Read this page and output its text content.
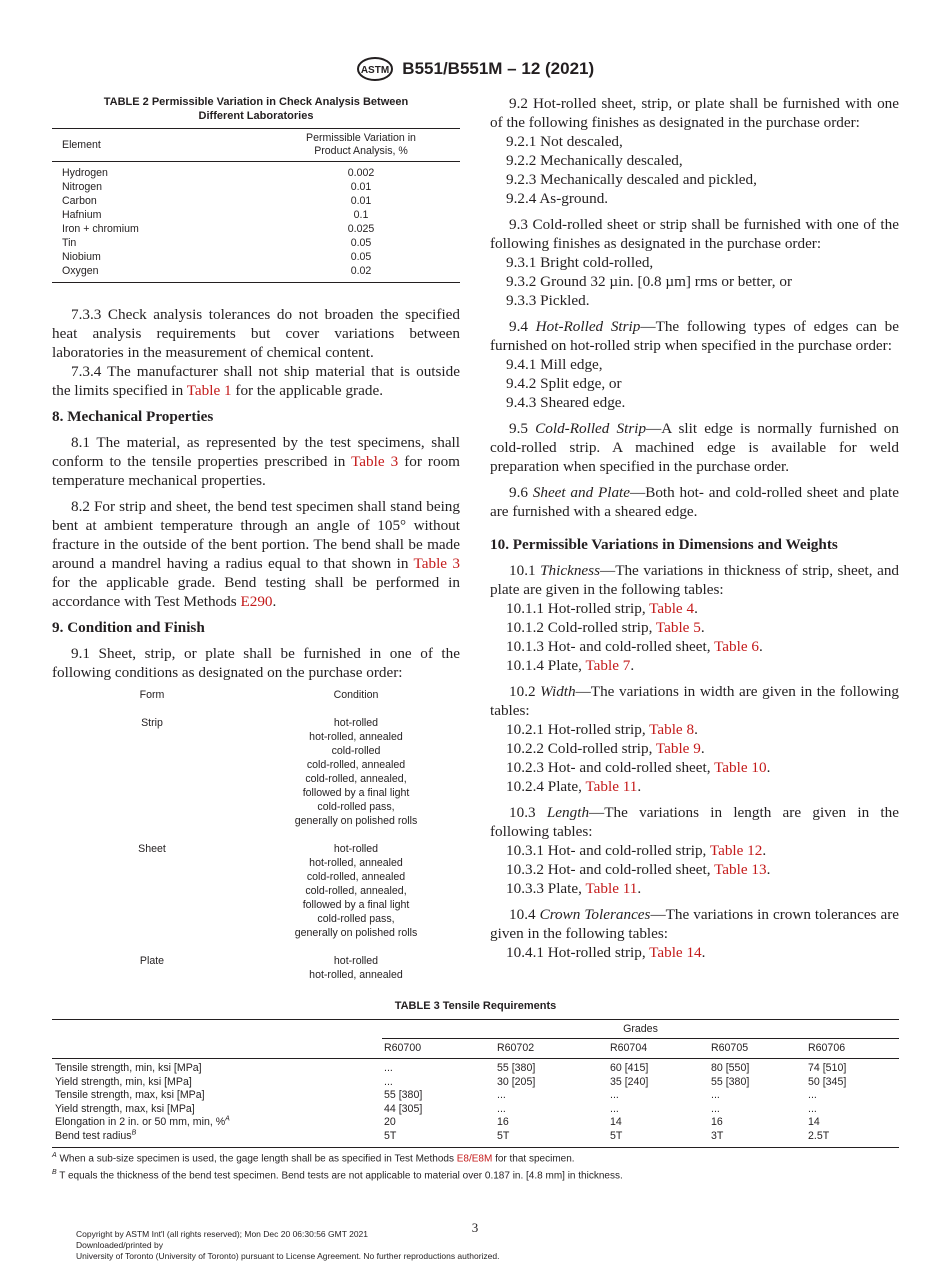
ASTM B551/B551M – 12 (2021)
TABLE 2 Permissible Variation in Check Analysis Between
Different Laboratories
Element
Permissible Variation in
Product Analysis, %
Hydrogen	0.002
Nitrogen	0.01
Carbon	0.01
Hafnium	0.1
Iron + chromium	0.025
Tin	0.05
Niobium	0.05
Oxygen	0.02

7.3.3 Check analysis tolerances do not broaden the specified heat analysis requirements but cover variations between laboratories in the measurement of chemical content.

7.3.4 The manufacturer shall not ship material that is outside the limits specified in Table 1 for the applicable grade.

8. Mechanical Properties

8.1 The material, as represented by the test specimens, shall conform to the tensile properties prescribed in Table 3 for room temperature mechanical properties.

8.2 For strip and sheet, the bend test specimen shall stand being bent at ambient temperature through an angle of 105° without fracture in the outside of the bent portion. The bend shall be made around a mandrel having a radius equal to that shown in Table 3 for the applicable grade. Bend testing shall be performed in accordance with Test Methods E290.

9. Condition and Finish

9.1 Sheet, strip, or plate shall be furnished in one of the following conditions as designated on the purchase order:

Form	Condition
Strip	hot-rolled
hot-rolled, annealed
cold-rolled
cold-rolled, annealed
cold-rolled, annealed,
followed by a final light
cold-rolled pass,
generally on polished rolls
Sheet	hot-rolled
hot-rolled, annealed
cold-rolled, annealed
cold-rolled, annealed,
followed by a final light
cold-rolled pass,
generally on polished rolls
Plate	hot-rolled
hot-rolled, annealed

9.2 Hot-rolled sheet, strip, or plate shall be furnished with one of the following finishes as designated in the purchase order:

9.2.1 Not descaled,

9.2.2 Mechanically descaled,

9.2.3 Mechanically descaled and pickled,

9.2.4 As-ground.

9.3 Cold-rolled sheet or strip shall be furnished with one of the following finishes as designated in the purchase order:

9.3.1 Bright cold-rolled,

9.3.2 Ground 32 µin. [0.8 µm] rms or better, or

9.3.3 Pickled.

9.4 Hot-Rolled Strip—The following types of edges can be furnished on hot-rolled strip when specified in the purchase order:

9.4.1 Mill edge,

9.4.2 Split edge, or

9.4.3 Sheared edge.

9.5 Cold-Rolled Strip—A slit edge is normally furnished on cold-rolled strip. A machined edge is available for weld preparation when specified in the purchase order.

9.6 Sheet and Plate—Both hot- and cold-rolled sheet and plate are furnished with a sheared edge.

10. Permissible Variations in Dimensions and Weights

10.1 Thickness—The variations in thickness of strip, sheet, and plate are given in the following tables:

10.1.1 Hot-rolled strip, Table 4.

10.1.2 Cold-rolled strip, Table 5.

10.1.3 Hot- and cold-rolled sheet, Table 6.

10.1.4 Plate, Table 7.

10.2 Width—The variations in width are given in the following tables:

10.2.1 Hot-rolled strip, Table 8.

10.2.2 Cold-rolled strip, Table 9.

10.2.3 Hot- and cold-rolled sheet, Table 10.

10.2.4 Plate, Table 11.

10.3 Length—The variations in length are given in the following tables:

10.3.1 Hot- and cold-rolled strip, Table 12.

10.3.2 Hot- and cold-rolled sheet, Table 13.

10.3.3 Plate, Table 11.

10.4 Crown Tolerances—The variations in crown tolerances are given in the following tables:

10.4.1 Hot-rolled strip, Table 14.

TABLE 3 Tensile Requirements
Grades
R60700	R60702	R60704	R60705	R60706
Tensile strength, min, ksi [MPa]	...	55 [380]	60 [415]	80 [550]	74 [510]
Yield strength, min, ksi [MPa]	...	30 [205]	35 [240]	55 [380]	50 [345]
Tensile strength, max, ksi [MPa]	55 [380]	...	...	...	...
Yield strength, max, ksi [MPa]	44 [305]	...	...	...	...
Elongation in 2 in. or 50 mm, min, %$^A$	20	16	14	16	14
Bend test radius$^B$	5T	5T	5T	3T	2.5T
$^A$ When a sub-size specimen is used, the gage length shall be as specified in Test Methods E8/E8M for that specimen.
$^B$ T equals the thickness of the bend test specimen. Bend tests are not applicable to material over 0.187 in. [4.8 mm] in thickness.
3
Copyright by ASTM Int'l (all rights reserved); Mon Dec 20 06:30:56 GMT 2021
Downloaded/printed by
University of Toronto (University of Toronto) pursuant to License Agreement. No further reproductions authorized.
